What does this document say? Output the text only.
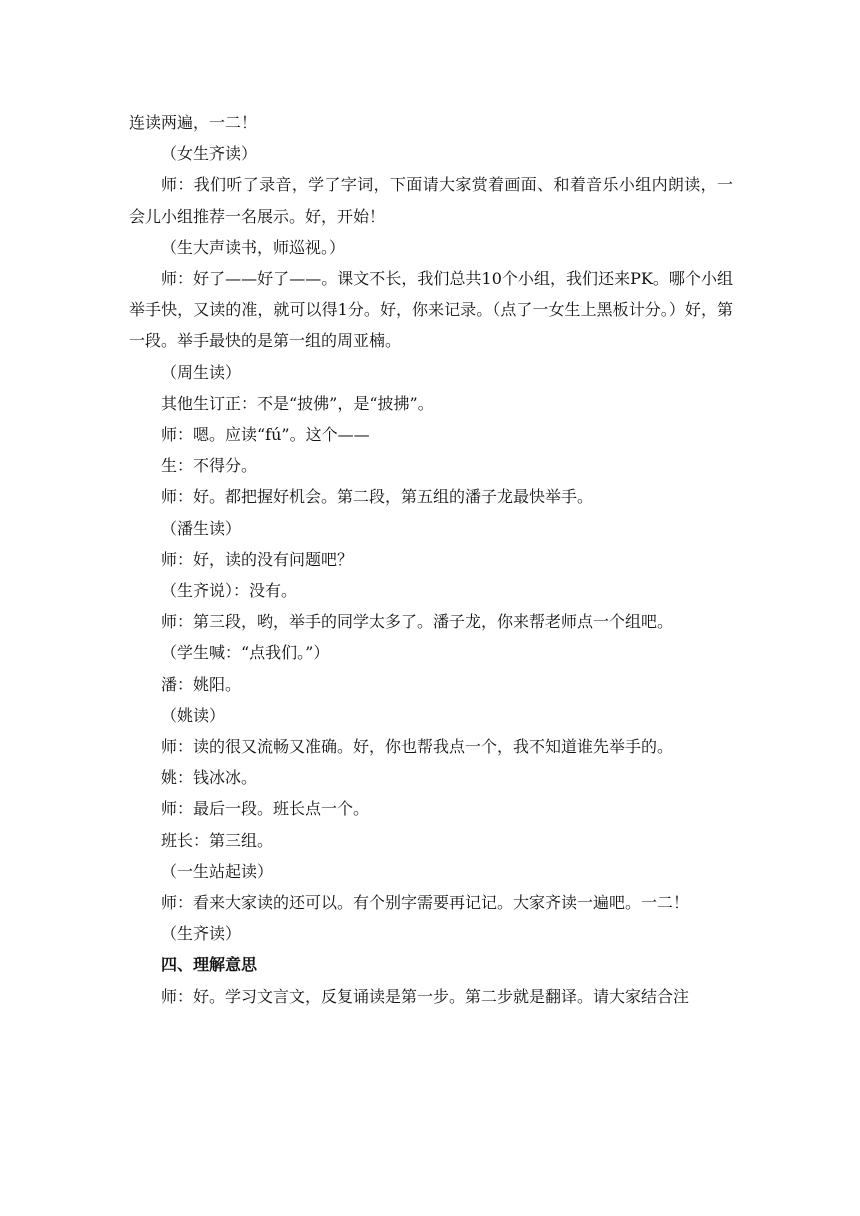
连读两遍，一二！

（女生齐读）

师：我们听了录音，学了字词，下面请大家赏着画面、和着音乐小组内朗读，一会儿小组推荐一名展示。好，开始！

（生大声读书，师巡视。）

师：好了——好了——。课文不长，我们总共10个小组，我们还来PK。哪个小组举手快，又读的准，就可以得1分。好，你来记录。（点了一女生上黑板计分。）好，第一段。举手最快的是第一组的周亚楠。

（周生读）

其他生订正：不是“披佛”，是“披拂”。

师：嗯。应读“fú”。这个——

生：不得分。

师：好。都把握好机会。第二段，第五组的潘子龙最快举手。

（潘生读）

师：好，读的没有问题吧？

（生齐说）：没有。

师：第三段，哟，举手的同学太多了。潘子龙，你来帮老师点一个组吧。

（学生喊：“点我们。”）

潘：姚阳。

（姚读）

师：读的很又流畅又准确。好，你也帮我点一个，我不知道谁先举手的。

姚：钱冰冰。

师：最后一段。班长点一个。

班长：第三组。

（一生站起读）

师：看来大家读的还可以。有个别字需要再记记。大家齐读一遍吧。一二！

（生齐读）

四、理解意思

师：好。学习文言文，反复诵读是第一步。第二步就是翻译。请大家结合注
